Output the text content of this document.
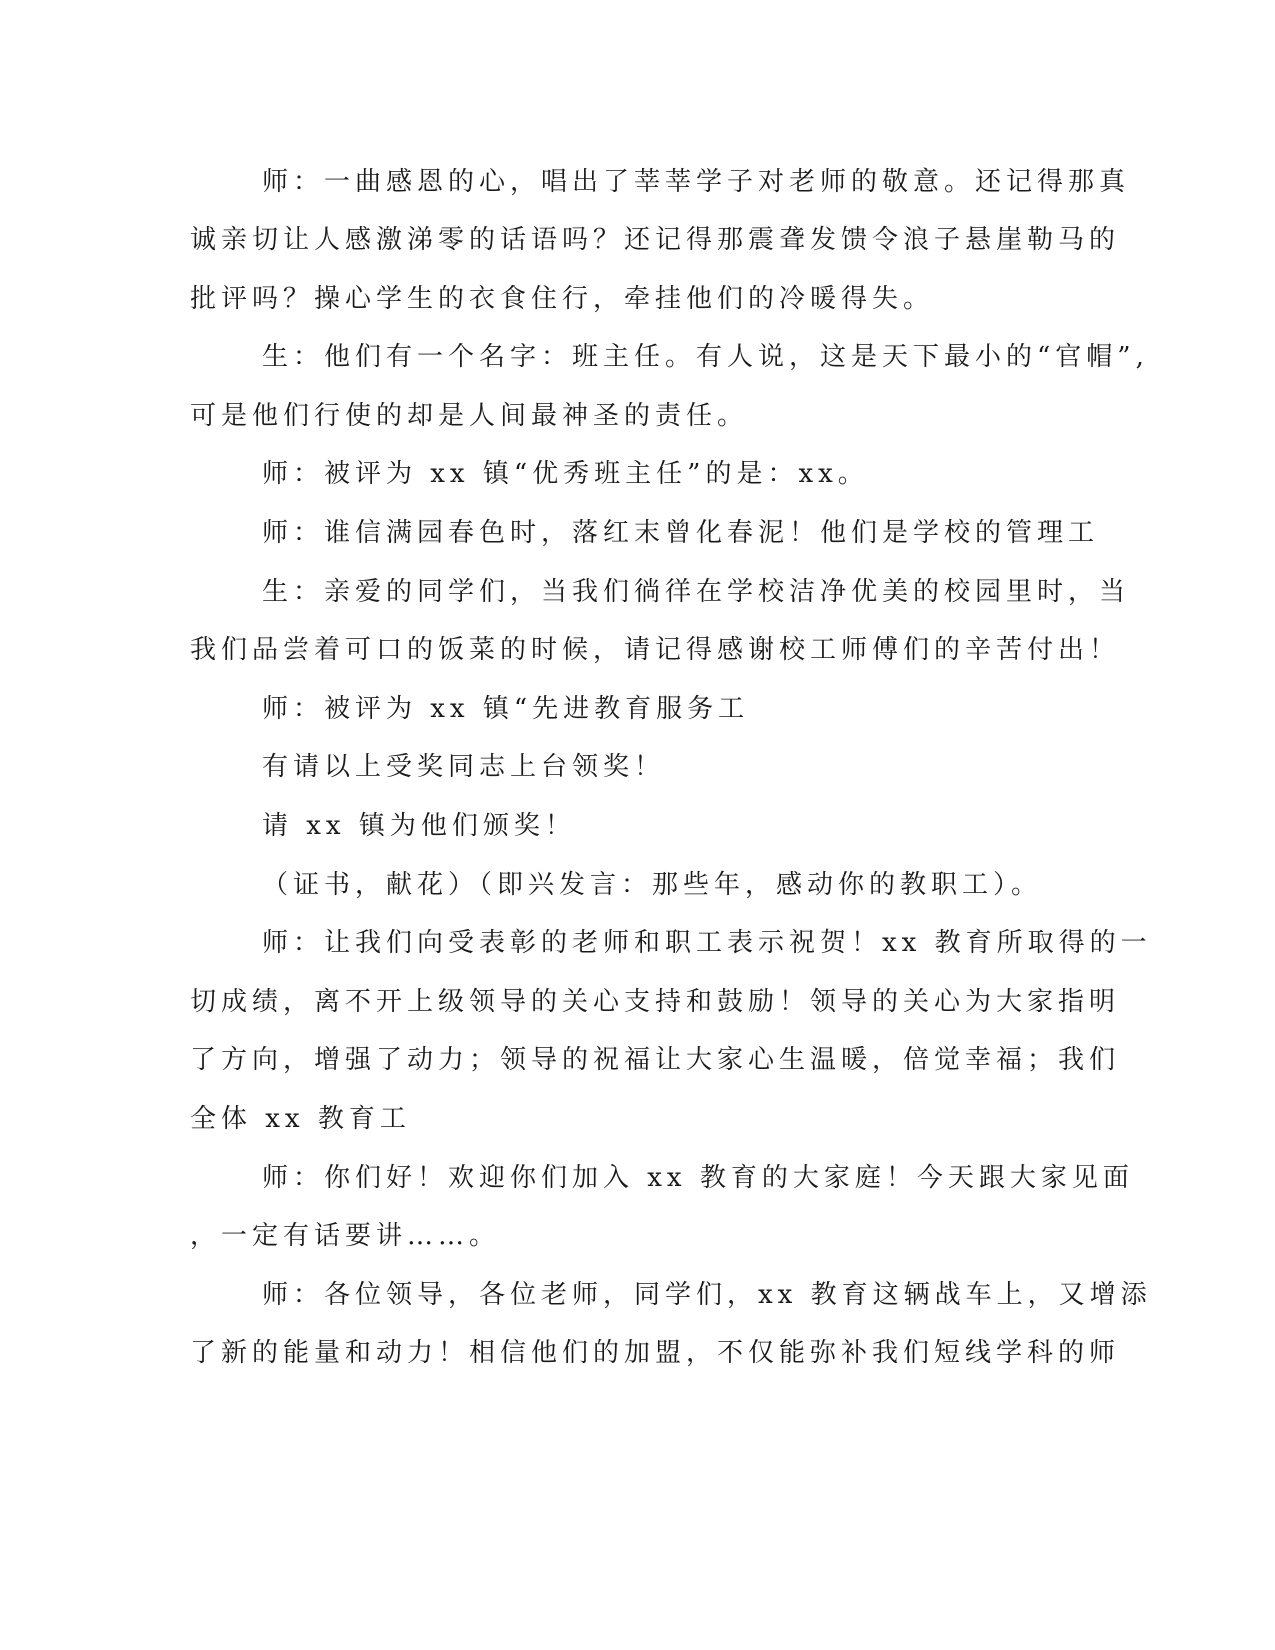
师：一曲感恩的心，唱出了莘莘学子对老师的敬意。还记得那真
诚亲切让人感激涕零的话语吗？还记得那震聋发馈令浪子悬崖勒马的
批评吗？操心学生的衣食住行，牵挂他们的冷暖得失。
生：他们有一个名字：班主任。有人说，这是天下最小的“官帽”,
可是他们行使的却是人间最神圣的责任。
师：被评为 xx 镇“优秀班主任”的是：xx。
师：谁信满园春色时，落红末曾化春泥！他们是学校的管理工
生：亲爱的同学们，当我们徜徉在学校洁净优美的校园里时，当
我们品尝着可口的饭菜的时候，请记得感谢校工师傅们的辛苦付出！
师：被评为 xx 镇“先进教育服务工
有请以上受奖同志上台领奖！
请 xx 镇为他们颁奖！
（证书，献花）（即兴发言：那些年，感动你的教职工）。
师：让我们向受表彰的老师和职工表示祝贺！xx 教育所取得的一
切成绩，离不开上级领导的关心支持和鼓励！领导的关心为大家指明
了方向，增强了动力；领导的祝福让大家心生温暖，倍觉幸福；我们
全体 xx 教育工
师：你们好！欢迎你们加入 xx 教育的大家庭！今天跟大家见面
，一定有话要讲……。
师：各位领导，各位老师，同学们，xx 教育这辆战车上，又增添
了新的能量和动力！相信他们的加盟，不仅能弥补我们短线学科的师
